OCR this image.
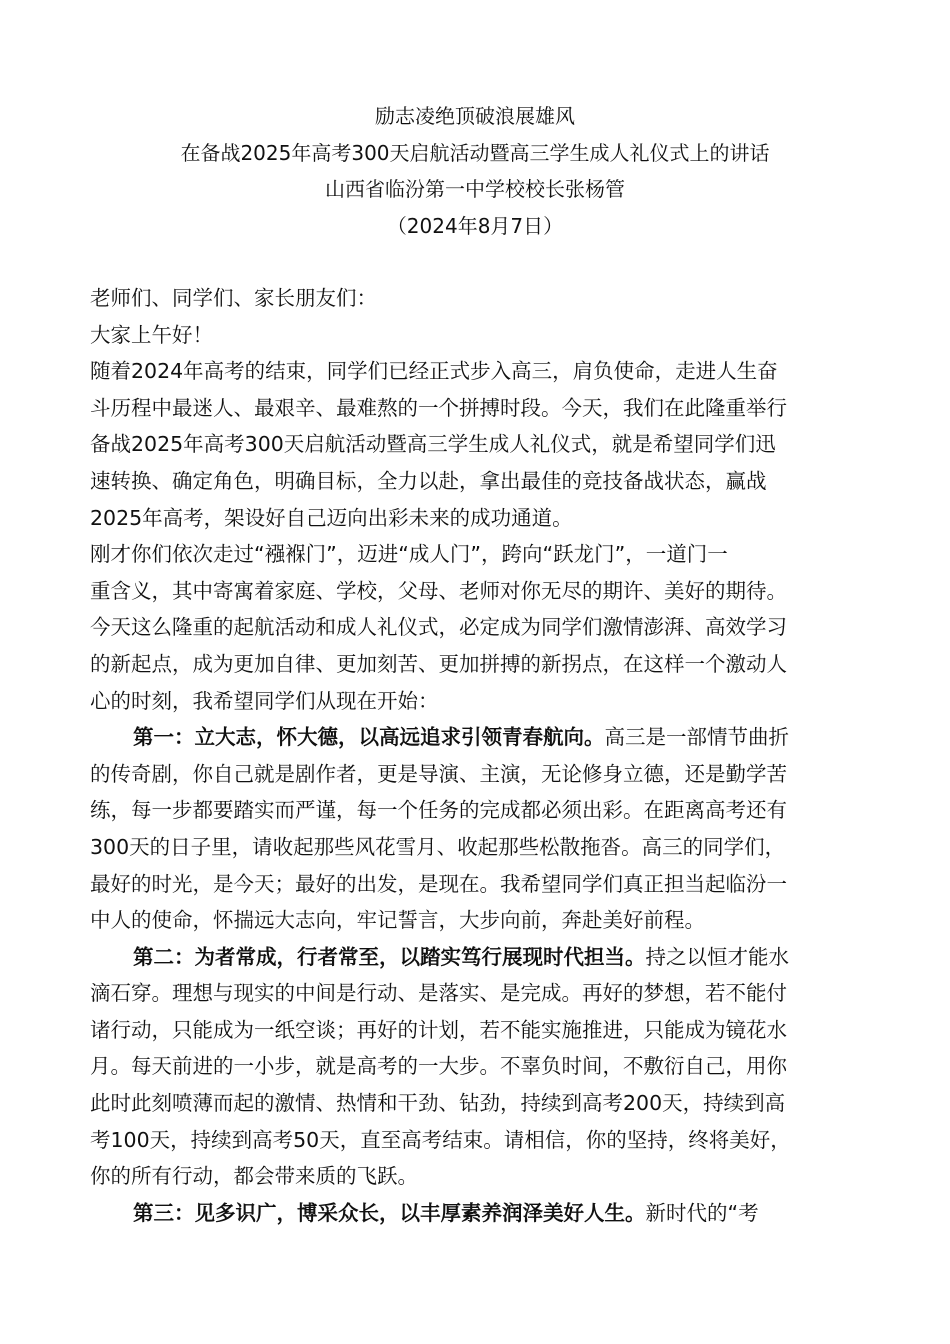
励志凌绝顶破浪展雄风
在备战2025年高考300天启航活动暨高三学生成人礼仪式上的讲话
山西省临汾第一中学校校长张杨管
（2024年8月7日）
老师们、同学们、家长朋友们：
大家上午好！
随着2024年高考的结束，同学们已经正式步入高三，肩负使命，走进人生奋
斗历程中最迷人、最艰辛、最难熬的一个拼搏时段。今天，我们在此隆重举行
备战2025年高考300天启航活动暨高三学生成人礼仪式，就是希望同学们迅
速转换、确定角色，明确目标，全力以赴，拿出最佳的竞技备战状态，赢战
2025年高考，架设好自己迈向出彩未来的成功通道。
刚才你们依次走过“襁褓门”，迈进“成人门”，跨向“跃龙门”，一道门一
重含义，其中寄寓着家庭、学校，父母、老师对你无尽的期许、美好的期待。
今天这么隆重的起航活动和成人礼仪式，必定成为同学们激情澎湃、高效学习
的新起点，成为更加自律、更加刻苦、更加拼搏的新拐点，在这样一个激动人
心的时刻，我希望同学们从现在开始：
第一：立大志，怀大德，以高远追求引领青春航向。高三是一部情节曲折
的传奇剧，你自己就是剧作者，更是导演、主演，无论修身立德，还是勤学苦
练，每一步都要踏实而严谨，每一个任务的完成都必须出彩。在距离高考还有
300天的日子里，请收起那些风花雪月、收起那些松散拖沓。高三的同学们，
最好的时光，是今天；最好的出发，是现在。我希望同学们真正担当起临汾一
中人的使命，怀揣远大志向，牢记誓言，大步向前，奔赴美好前程。
第二：为者常成，行者常至，以踏实笃行展现时代担当。持之以恒才能水
滴石穿。理想与现实的中间是行动、是落实、是完成。再好的梦想，若不能付
诸行动，只能成为一纸空谈；再好的计划，若不能实施推进，只能成为镜花水
月。每天前进的一小步，就是高考的一大步。不辜负时间，不敷衍自己，用你
此时此刻喷薄而起的激情、热情和干劲、钻劲，持续到高考200天，持续到高
考100天，持续到高考50天，直至高考结束。请相信，你的坚持，终将美好，
你的所有行动，都会带来质的飞跃。
第三：见多识广，博采众长，以丰厚素养润泽美好人生。新时代的“考
